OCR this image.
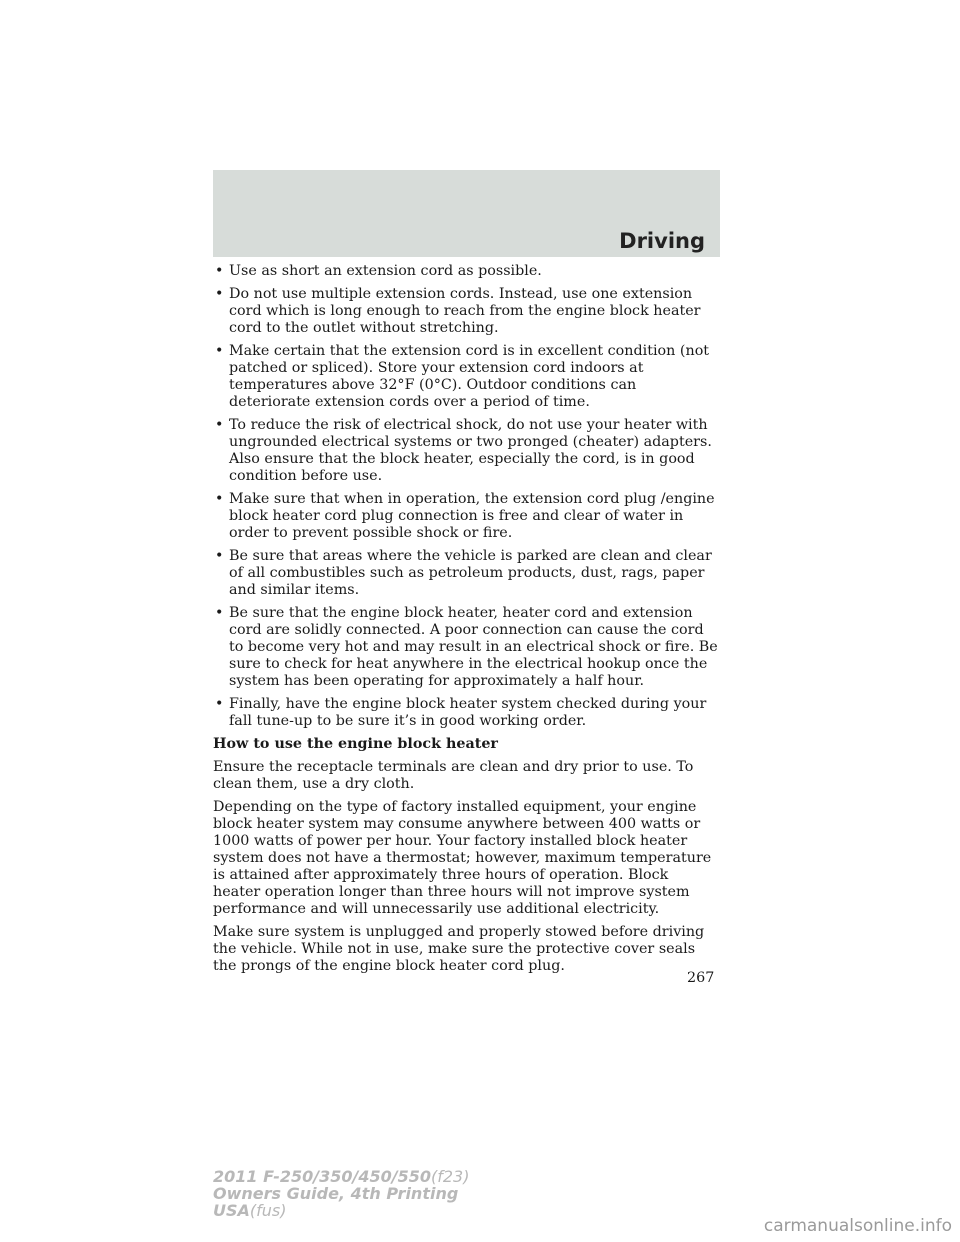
Driving
• Use as short an extension cord as possible.
• Do not use multiple extension cords. Instead, use one extension cord which is long enough to reach from the engine block heater cord to the outlet without stretching.
• Make certain that the extension cord is in excellent condition (not patched or spliced). Store your extension cord indoors at temperatures above 32°F (0°C). Outdoor conditions can deteriorate extension cords over a period of time.
• To reduce the risk of electrical shock, do not use your heater with ungrounded electrical systems or two pronged (cheater) adapters. Also ensure that the block heater, especially the cord, is in good condition before use.
• Make sure that when in operation, the extension cord plug /engine block heater cord plug connection is free and clear of water in order to prevent possible shock or fire.
• Be sure that areas where the vehicle is parked are clean and clear of all combustibles such as petroleum products, dust, rags, paper and similar items.
• Be sure that the engine block heater, heater cord and extension cord are solidly connected. A poor connection can cause the cord to become very hot and may result in an electrical shock or fire. Be sure to check for heat anywhere in the electrical hookup once the system has been operating for approximately a half hour.
• Finally, have the engine block heater system checked during your fall tune-up to be sure it’s in good working order.

How to use the engine block heater

Ensure the receptacle terminals are clean and dry prior to use. To clean them, use a dry cloth.

Depending on the type of factory installed equipment, your engine block heater system may consume anywhere between 400 watts or 1000 watts of power per hour. Your factory installed block heater system does not have a thermostat; however, maximum temperature is attained after approximately three hours of operation. Block heater operation longer than three hours will not improve system performance and will unnecessarily use additional electricity.

Make sure system is unplugged and properly stowed before driving the vehicle. While not in use, make sure the protective cover seals the prongs of the engine block heater cord plug.

267
2011 F-250/350/450/550(f23)
Owners Guide, 4th Printing
USA(fus)
carmanualsonline.info
